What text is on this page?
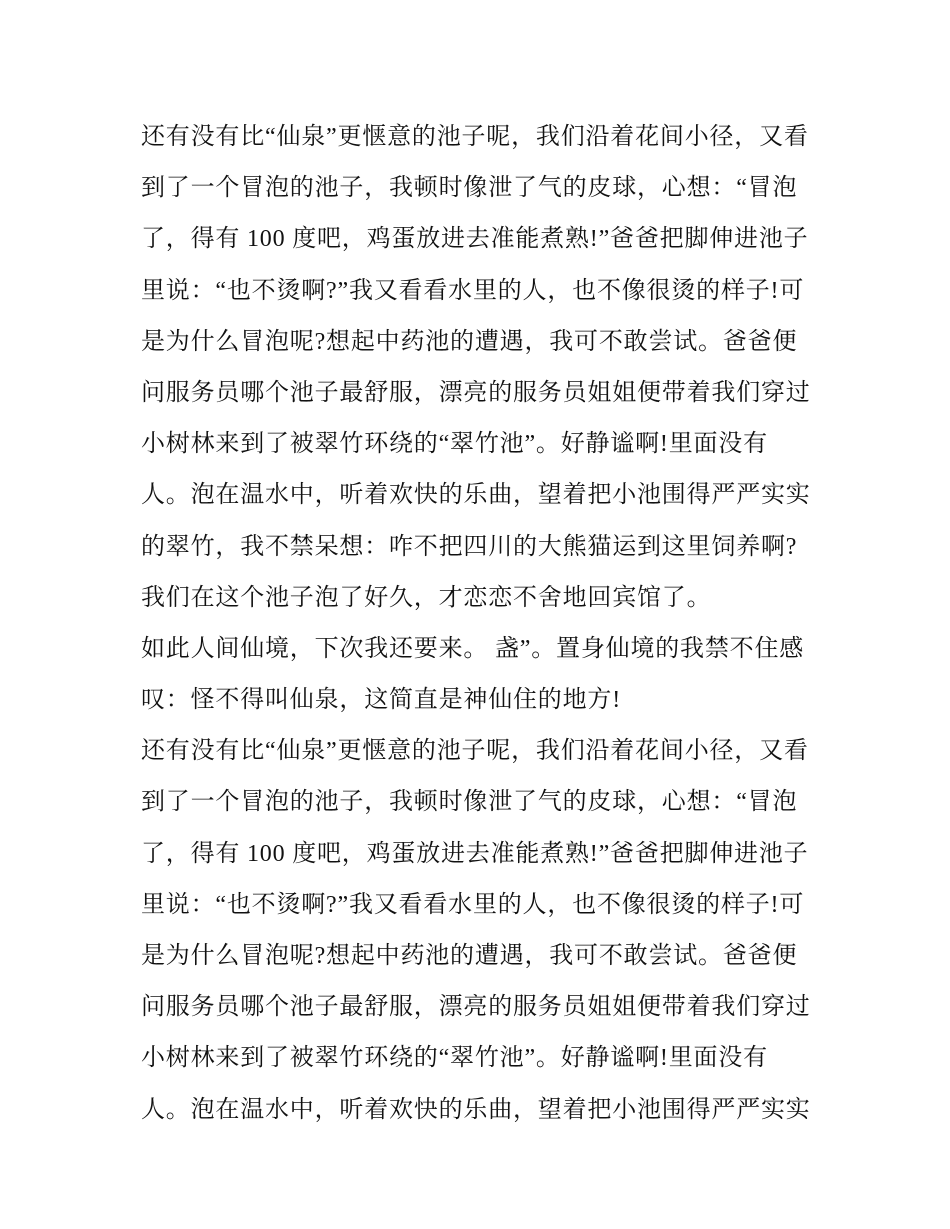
还有没有比“仙泉”更惬意的池子呢，我们沿着花间小径，又看
到了一个冒泡的池子，我顿时像泄了气的皮球，心想：“冒泡
了，得有 100 度吧，鸡蛋放进去准能煮熟!”爸爸把脚伸进池子
里说：“也不烫啊?”我又看看水里的人，也不像很烫的样子!可
是为什么冒泡呢?想起中药池的遭遇，我可不敢尝试。爸爸便
问服务员哪个池子最舒服，漂亮的服务员姐姐便带着我们穿过
小树林来到了被翠竹环绕的“翠竹池”。好静谧啊!里面没有
人。泡在温水中，听着欢快的乐曲，望着把小池围得严严实实
的翠竹，我不禁呆想：咋不把四川的大熊猫运到这里饲养啊?
我们在这个池子泡了好久，才恋恋不舍地回宾馆了。
如此人间仙境，下次我还要来。 盏”。置身仙境的我禁不住感
叹：怪不得叫仙泉，这简直是神仙住的地方!
还有没有比“仙泉”更惬意的池子呢，我们沿着花间小径，又看
到了一个冒泡的池子，我顿时像泄了气的皮球，心想：“冒泡
了，得有 100 度吧，鸡蛋放进去准能煮熟!”爸爸把脚伸进池子
里说：“也不烫啊?”我又看看水里的人，也不像很烫的样子!可
是为什么冒泡呢?想起中药池的遭遇，我可不敢尝试。爸爸便
问服务员哪个池子最舒服，漂亮的服务员姐姐便带着我们穿过
小树林来到了被翠竹环绕的“翠竹池”。好静谧啊!里面没有
人。泡在温水中，听着欢快的乐曲，望着把小池围得严严实实
